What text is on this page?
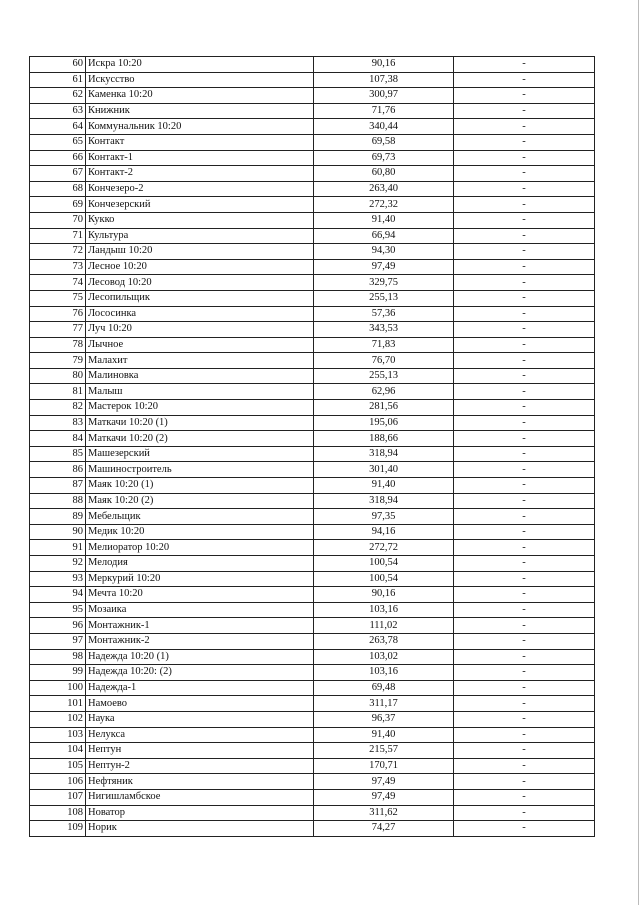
60	Искра 10:20	90,16	-
61	Искусство	107,38	-
62	Каменка 10:20	300,97	-
63	Книжник	71,76	-
64	Коммунальник 10:20	340,44	-
65	Контакт	69,58	-
66	Контакт-1	69,73	-
67	Контакт-2	60,80	-
68	Кончезеро-2	263,40	-
69	Кончезерский	272,32	-
70	Кукко	91,40	-
71	Культура	66,94	-
72	Ландыш 10:20	94,30	-
73	Лесное 10:20	97,49	-
74	Лесовод 10:20	329,75	-
75	Лесопильщик	255,13	-
76	Лососинка	57,36	-
77	Луч 10:20	343,53	-
78	Лычное	71,83	-
79	Малахит	76,70	-
80	Малиновка	255,13	-
81	Малыш	62,96	-
82	Мастерок 10:20	281,56	-
83	Маткачи 10:20 (1)	195,06	-
84	Маткачи 10:20 (2)	188,66	-
85	Машезерский	318,94	-
86	Машиностроитель	301,40	-
87	Маяк 10:20 (1)	91,40	-
88	Маяк 10:20 (2)	318,94	-
89	Мебельщик	97,35	-
90	Медик 10:20	94,16	-
91	Мелиоратор 10:20	272,72	-
92	Мелодия	100,54	-
93	Меркурий 10:20	100,54	-
94	Мечта 10:20	90,16	-
95	Мозаика	103,16	-
96	Монтажник-1	111,02	-
97	Монтажник-2	263,78	-
98	Надежда 10:20 (1)	103,02	-
99	Надежда 10:20: (2)	103,16	-
100	Надежда-1	69,48	-
101	Намоево	311,17	-
102	Наука	96,37	-
103	Нелукса	91,40	-
104	Нептун	215,57	-
105	Нептун-2	170,71	-
106	Нефтяник	97,49	-
107	Нигишламбское	97,49	-
108	Новатор	311,62	-
109	Норик	74,27	-
